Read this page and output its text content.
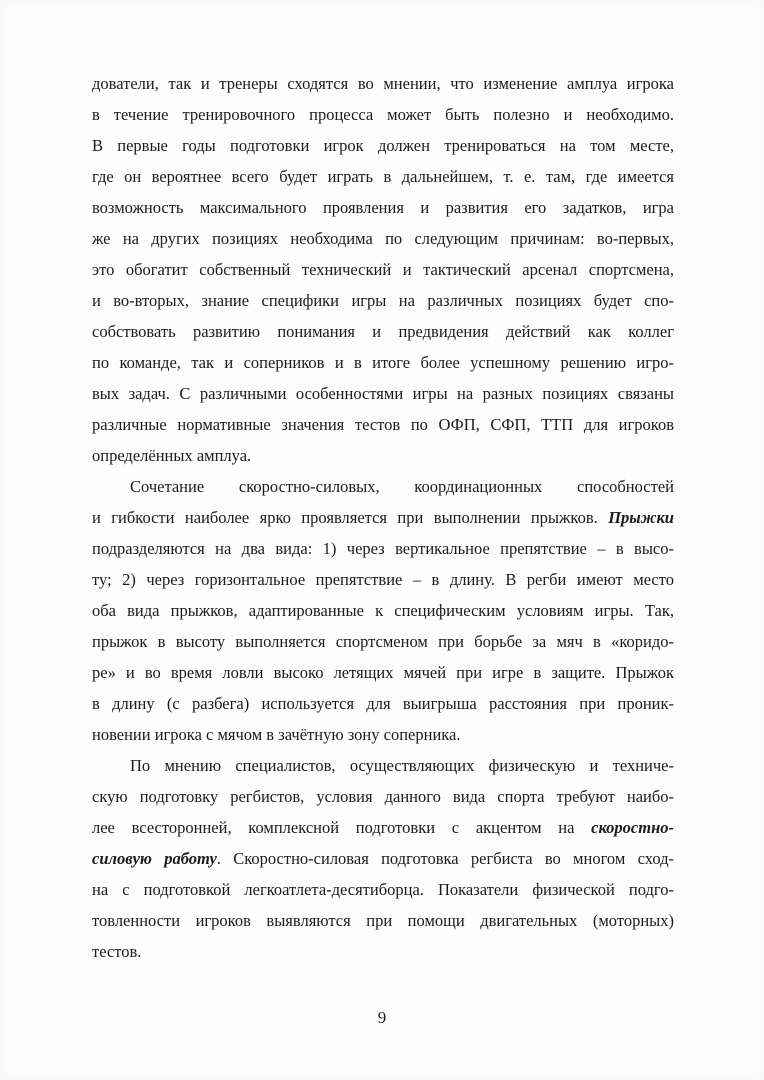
дователи, так и тренеры сходятся во мнении, что изменение амплуа игрока
в течение тренировочного процесса может быть полезно и необходимо.
В первые годы подготовки игрок должен тренироваться на том месте,
где он вероятнее всего будет играть в дальнейшем, т. е. там, где имеется
возможность максимального проявления и развития его задатков, игра
же на других позициях необходима по следующим причинам: во-первых,
это обогатит собственный технический и тактический арсенал спортсмена,
и во-вторых, знание специфики игры на различных позициях будет спо-
собствовать развитию понимания и предвидения действий как коллег
по команде, так и соперников и в итоге более успешному решению игро-
вых задач. С различными особенностями игры на разных позициях связаны
различные нормативные значения тестов по ОФП, СФП, ТТП для игроков
определённых амплуа.
Сочетание скоростно-силовых, координационных способностей
и гибкости наиболее ярко проявляется при выполнении прыжков. Прыжки
подразделяются на два вида: 1) через вертикальное препятствие – в высо-
ту; 2) через горизонтальное препятствие – в длину. В регби имеют место
оба вида прыжков, адаптированные к специфическим условиям игры. Так,
прыжок в высоту выполняется спортсменом при борьбе за мяч в «коридо-
ре» и во время ловли высоко летящих мячей при игре в защите. Прыжок
в длину (с разбега) используется для выигрыша расстояния при проник-
новении игрока с мячом в зачётную зону соперника.
По мнению специалистов, осуществляющих физическую и техниче-
скую подготовку регбистов, условия данного вида спорта требуют наибо-
лее всесторонней, комплексной подготовки с акцентом на скоростно-
силовую работу. Скоростно-силовая подготовка регбиста во многом сход-
на с подготовкой легкоатлета-десятиборца. Показатели физической подго-
товленности игроков выявляются при помощи двигательных (моторных)
тестов.
9
